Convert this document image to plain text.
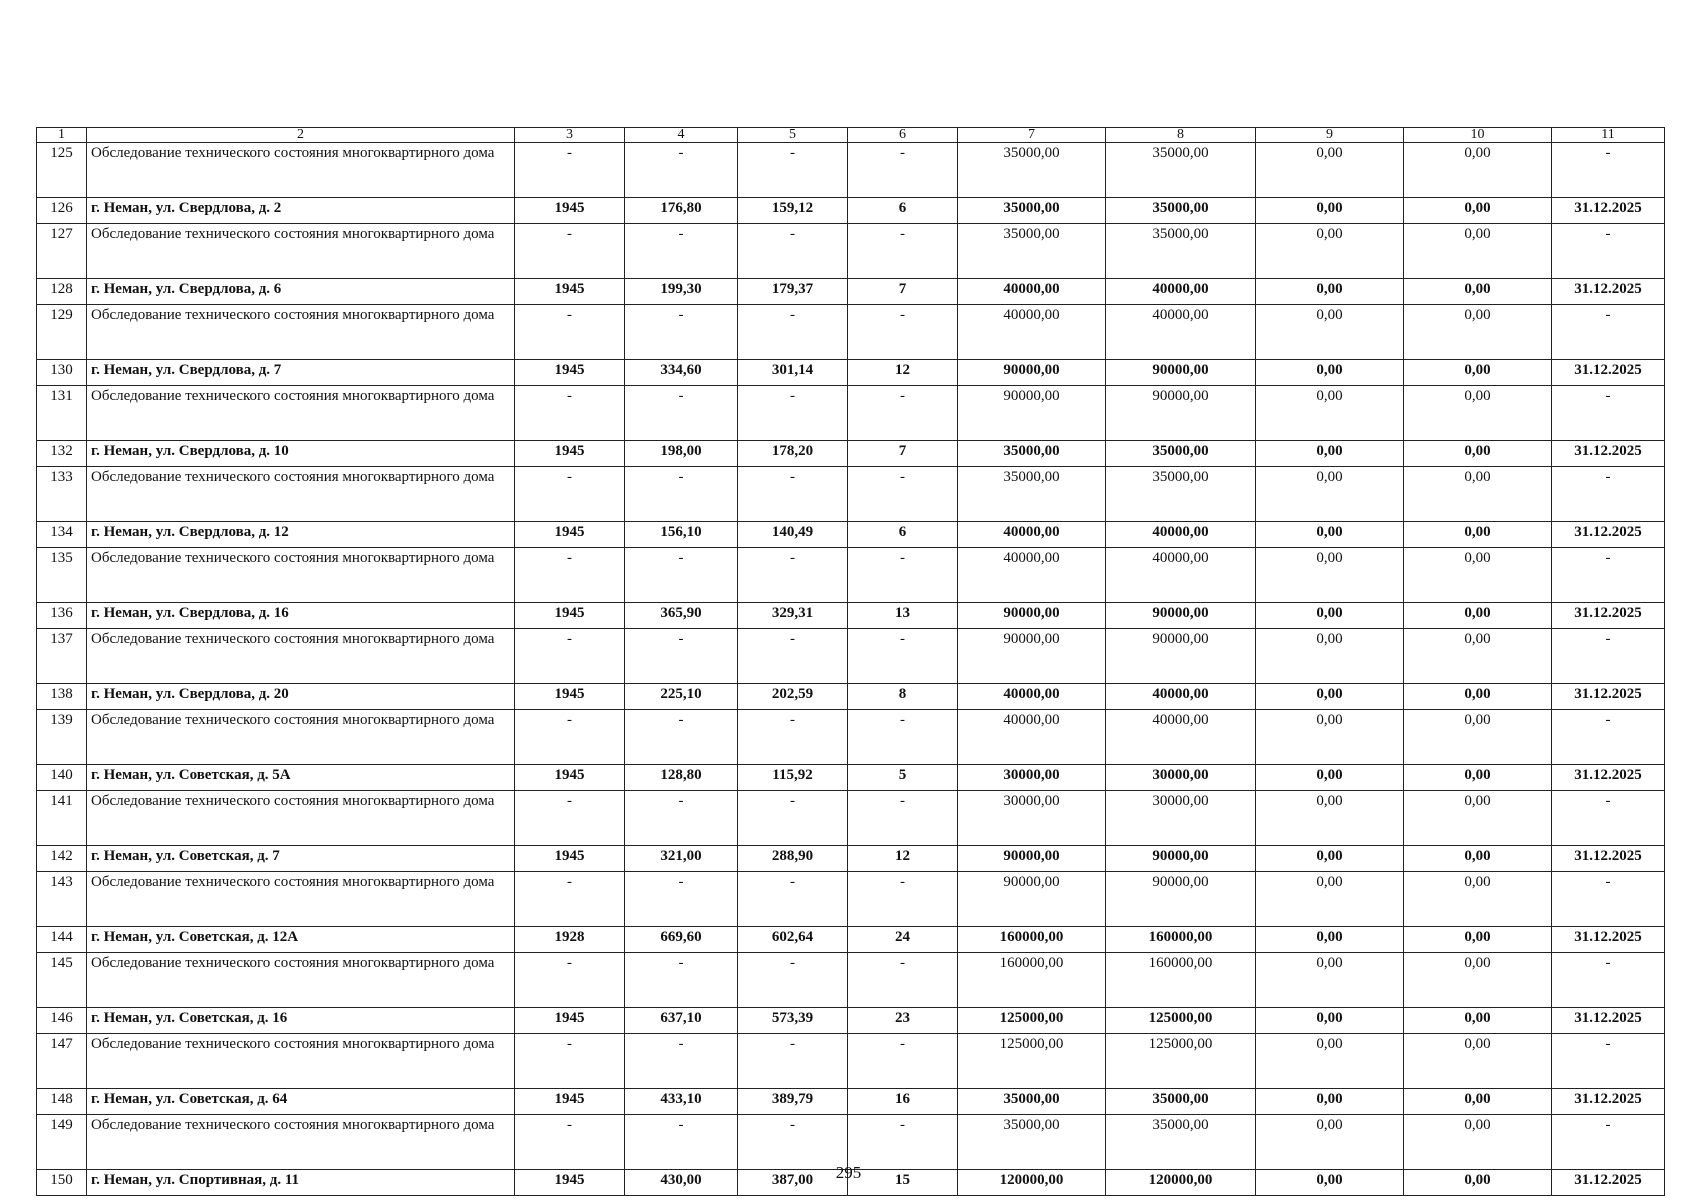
1	2	3	4	5	6	7	8	9	10	11
125	Обследование технического состояния многоквартирного дома	-	-	-	-	35000,00	35000,00	0,00	0,00	-
126	г. Неман, ул. Свердлова, д. 2	1945	176,80	159,12	6	35000,00	35000,00	0,00	0,00	31.12.2025
127	Обследование технического состояния многоквартирного дома	-	-	-	-	35000,00	35000,00	0,00	0,00	-
128	г. Неман, ул. Свердлова, д. 6	1945	199,30	179,37	7	40000,00	40000,00	0,00	0,00	31.12.2025
129	Обследование технического состояния многоквартирного дома	-	-	-	-	40000,00	40000,00	0,00	0,00	-
130	г. Неман, ул. Свердлова, д. 7	1945	334,60	301,14	12	90000,00	90000,00	0,00	0,00	31.12.2025
131	Обследование технического состояния многоквартирного дома	-	-	-	-	90000,00	90000,00	0,00	0,00	-
132	г. Неман, ул. Свердлова, д. 10	1945	198,00	178,20	7	35000,00	35000,00	0,00	0,00	31.12.2025
133	Обследование технического состояния многоквартирного дома	-	-	-	-	35000,00	35000,00	0,00	0,00	-
134	г. Неман, ул. Свердлова, д. 12	1945	156,10	140,49	6	40000,00	40000,00	0,00	0,00	31.12.2025
135	Обследование технического состояния многоквартирного дома	-	-	-	-	40000,00	40000,00	0,00	0,00	-
136	г. Неман, ул. Свердлова, д. 16	1945	365,90	329,31	13	90000,00	90000,00	0,00	0,00	31.12.2025
137	Обследование технического состояния многоквартирного дома	-	-	-	-	90000,00	90000,00	0,00	0,00	-
138	г. Неман, ул. Свердлова, д. 20	1945	225,10	202,59	8	40000,00	40000,00	0,00	0,00	31.12.2025
139	Обследование технического состояния многоквартирного дома	-	-	-	-	40000,00	40000,00	0,00	0,00	-
140	г. Неман, ул. Советская, д. 5А	1945	128,80	115,92	5	30000,00	30000,00	0,00	0,00	31.12.2025
141	Обследование технического состояния многоквартирного дома	-	-	-	-	30000,00	30000,00	0,00	0,00	-
142	г. Неман, ул. Советская, д. 7	1945	321,00	288,90	12	90000,00	90000,00	0,00	0,00	31.12.2025
143	Обследование технического состояния многоквартирного дома	-	-	-	-	90000,00	90000,00	0,00	0,00	-
144	г. Неман, ул. Советская, д. 12А	1928	669,60	602,64	24	160000,00	160000,00	0,00	0,00	31.12.2025
145	Обследование технического состояния многоквартирного дома	-	-	-	-	160000,00	160000,00	0,00	0,00	-
146	г. Неман, ул. Советская, д. 16	1945	637,10	573,39	23	125000,00	125000,00	0,00	0,00	31.12.2025
147	Обследование технического состояния многоквартирного дома	-	-	-	-	125000,00	125000,00	0,00	0,00	-
148	г. Неман, ул. Советская, д. 64	1945	433,10	389,79	16	35000,00	35000,00	0,00	0,00	31.12.2025
149	Обследование технического состояния многоквартирного дома	-	-	-	-	35000,00	35000,00	0,00	0,00	-
150	г. Неман, ул. Спортивная, д. 11	1945	430,00	387,00	15	120000,00	120000,00	0,00	0,00	31.12.2025
295
